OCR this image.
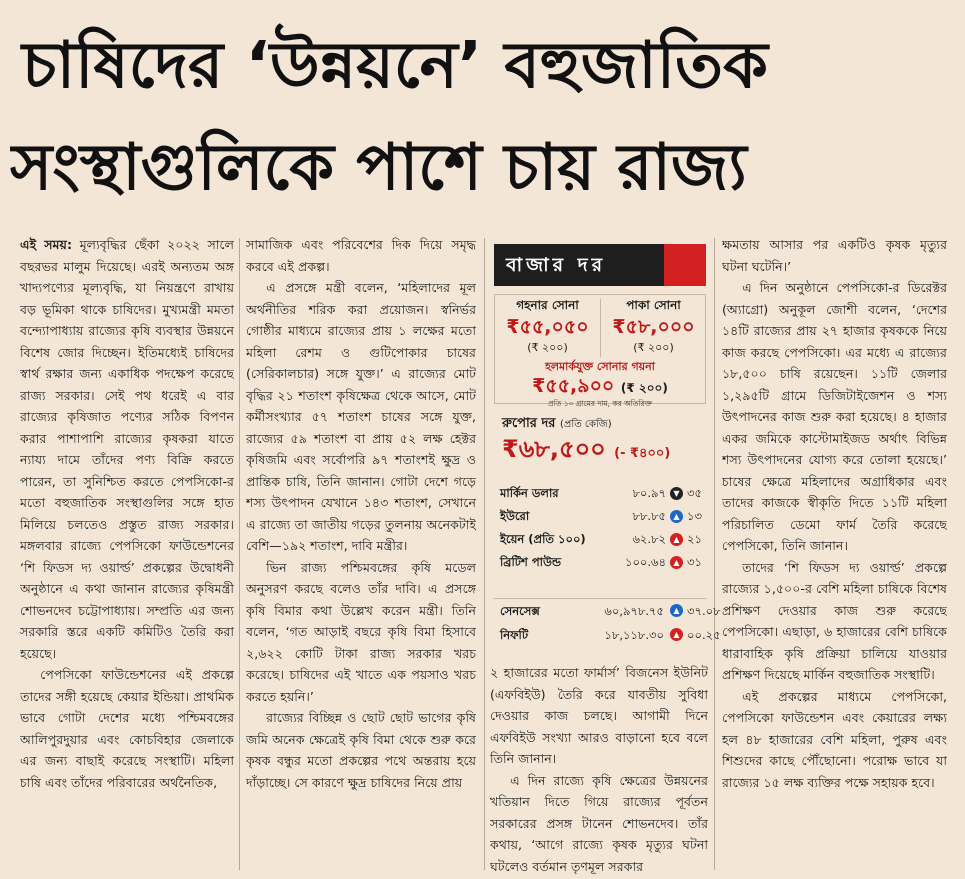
চাষিদের ‘উন্নয়নে’ বহুজাতিক
সংস্থাগুলিকে পাশে চায় রাজ্য

এই সময়: মূল্যবৃদ্ধির ছেঁকা ২০২২ সালে বছরভর মালুম দিয়েছে। এরই অন্যতম অঙ্গ খাদ্যপণ্যের মূল্যবৃদ্ধি, যা নিয়ন্ত্রণে রাখায় বড় ভূমিকা থাকে চাষিদের। মুখ্যমন্ত্রী মমতা বন্দ্যোপাধ্যায় রাজ্যের কৃষি ব্যবস্থার উন্নয়নে বিশেষ জোর দিচ্ছেন। ইতিমধ্যেই চাষিদের স্বার্থ রক্ষার জন্য একাধিক পদক্ষেপ করেছে রাজ্য সরকার। সেই পথ ধরেই এ বার রাজ্যের কৃষিজাত পণ্যের সঠিক বিপণন করার পাশাপাশি রাজ্যের কৃষকরা যাতে ন্যায্য দামে তাঁদের পণ্য বিক্রি করতে পারেন, তা সুনিশ্চিত করতে পেপসিকো-র মতো বহুজাতিক সংস্থাগুলির সঙ্গে হাত মিলিয়ে চলতেও প্রস্তুত রাজ্য সরকার। মঙ্গলবার রাজ্যে পেপসিকো ফাউন্ডেশনের ‘শি ফিডস দ্য ওয়ার্ল্ড’ প্রকল্পের উদ্বোধনী অনুষ্ঠানে এ কথা জানান রাজ্যের কৃষিমন্ত্রী শোভনদেব চট্টোপাধ্যায়। সম্প্রতি এর জন্য সরকারি স্তরে একটি কমিটিও তৈরি করা হয়েছে।

পেপসিকো ফাউন্ডেশনের এই প্রকল্পে তাদের সঙ্গী হয়েছে কেয়ার ইন্ডিয়া। প্রাথমিক ভাবে গোটা দেশের মধ্যে পশ্চিমবঙ্গের আলিপুরদুয়ার এবং কোচবিহার জেলাকে এর জন্য বাছাই করেছে সংস্থাটি। মহিলা চাষি এবং তাঁদের পরিবারের অর্থনৈতিক,

সামাজিক এবং পরিবেশের দিক দিয়ে সমৃদ্ধ করবে এই প্রকল্প।

এ প্রসঙ্গে মন্ত্রী বলেন, ‘মহিলাদের মূল অর্থনীতির শরিক করা প্রয়োজন। স্বনির্ভর গোষ্ঠীর মাধ্যমে রাজ্যের প্রায় ১ লক্ষের মতো মহিলা রেশম ও গুটিপোকার চাষের (সেরিকালচার) সঙ্গে যুক্ত।’ এ রাজ্যের মোট বৃদ্ধির ২১ শতাংশ কৃষিক্ষেত্র থেকে আসে, মোট কর্মীসংখ্যার ৫৭ শতাংশ চাষের সঙ্গে যুক্ত, রাজ্যের ৫৯ শতাংশ বা প্রায় ৫২ লক্ষ হেক্টর কৃষিজমি এবং সর্বোপরি ৯৭ শতাংশই ক্ষুদ্র ও প্রান্তিক চাষি, তিনি জানান। গোটা দেশে গড়ে শস্য উৎপাদন যেখানে ১৪৩ শতাংশ, সেখানে এ রাজ্যে তা জাতীয় গড়ের তুলনায় অনেকটাই বেশি—১৯২ শতাংশ, দাবি মন্ত্রীর।

ভিন রাজ্য পশ্চিমবঙ্গের কৃষি মডেল অনুসরণ করছে বলেও তাঁর দাবি। এ প্রসঙ্গে কৃষি বিমার কথা উল্লেখ করেন মন্ত্রী। তিনি বলেন, ‘গত আড়াই বছরে কৃষি বিমা হিসাবে ২,৬২২ কোটি টাকা রাজ্য সরকার খরচ করেছে। চাষিদের এই খাতে এক পয়সাও খরচ করতে হয়নি।’

রাজ্যের বিচ্ছিন্ন ও ছোট ছোট ভাগের কৃষি জমি অনেক ক্ষেত্রেই কৃষি বিমা থেকে শুরু করে কৃষক বন্ধুর মতো প্রকল্পের পথে অন্তরায় হয়ে দাঁড়াচ্ছে। সে কারণে ক্ষুদ্র চাষিদের নিয়ে প্রায়

বাজার দর
গহনার সোনা
₹৫৫,০৫০
(₹ ২০০)
পাকা সোনা
₹৫৮,০০০
(₹ ২০০)
হলমার্কযুক্ত সোনার গয়না
₹৫৫,৯০০ (₹ ২০০)
প্রতি ১০ গ্রামের দাম, কর অতিরিক্ত
রুপোর দর (প্রতি কেজি)
₹৬৮,৫০০ (- ₹৪০০)
মার্কিন ডলার	৮০.৯৭ ▼ ৩৫
ইউরো	৮৮.৮৫ ▲ ১৩
ইয়েন (প্রতি ১০০)	৬২.৮২ ▲ ২১
ব্রিটিশ পাউন্ড	১০০.৬৪ ▲ ৩১
সেনসেক্স	৬০,৯৭৮.৭৫	▲ ৩৭.০৮
নিফটি	১৮,১১৮.৩০	▲ ০০.২৫

২ হাজারের মতো ফার্মার্স’ বিজনেস ইউনিট (এফবিইউ) তৈরি করে যাবতীয় সুবিধা দেওয়ার কাজ চলছে। আগামী দিনে এফবিইউ সংখ্যা আরও বাড়ানো হবে বলে তিনি জানান।

এ দিন রাজ্যে কৃষি ক্ষেত্রের উন্নয়নের খতিয়ান দিতে গিয়ে রাজ্যের পূর্বতন সরকারের প্রসঙ্গ টানেন শোভনদেব। তাঁর কথায়, ‘আগে রাজ্যে কৃষক মৃত্যুর ঘটনা ঘটলেও বর্তমান তৃণমূল সরকার

ক্ষমতায় আসার পর একটিও কৃষক মৃত্যুর ঘটনা ঘটেনি।’

এ দিন অনুষ্ঠানে পেপসিকো-র ডিরেক্টর (অ্যাগ্রো) অনুকূল জোশী বলেন, ‘দেশের ১৪টি রাজ্যের প্রায় ২৭ হাজার কৃষককে নিয়ে কাজ করছে পেপসিকো। এর মধ্যে এ রাজ্যের ১৮,৫০০ চাষি রয়েছেন। ১১টি জেলার ১,২৯৫টি গ্রামে ডিজিটাইজেশন ও শস্য উৎপাদনের কাজ শুরু করা হয়েছে। ৪ হাজার একর জমিকে কাস্টোমাইজড অর্থাৎ বিভিন্ন শস্য উৎপাদনের যোগ্য করে তোলা হয়েছে।’ চাষের ক্ষেত্রে মহিলাদের অগ্রাধিকার এবং তাদের কাজকে স্বীকৃতি দিতে ১১টি মহিলা পরিচালিত ডেমো ফার্ম তৈরি করেছে পেপসিকো, তিনি জানান।

তাদের ‘শি ফিডস দ্য ওয়ার্ল্ড’ প্রকল্পে রাজ্যের ১,৫০০-র বেশি মহিলা চাষিকে বিশেষ প্রশিক্ষণ দেওয়ার কাজ শুরু করেছে পেপসিকো। এছাড়া, ৬ হাজারের বেশি চাষিকে ধারাবাহিক কৃষি প্রক্রিয়া চালিয়ে যাওয়ার প্রশিক্ষণ দিয়েছে মার্কিন বহুজাতিক সংস্থাটি।

এই প্রকল্পের মাধ্যমে পেপসিকো, পেপসিকো ফাউন্ডেশন এবং কেয়ারের লক্ষ্য হল ৪৮ হাজারের বেশি মহিলা, পুরুষ এবং শিশুদের কাছে পৌঁছোনো। পরোক্ষ ভাবে যা রাজ্যের ১৫ লক্ষ ব্যক্তির পক্ষে সহায়ক হবে।
